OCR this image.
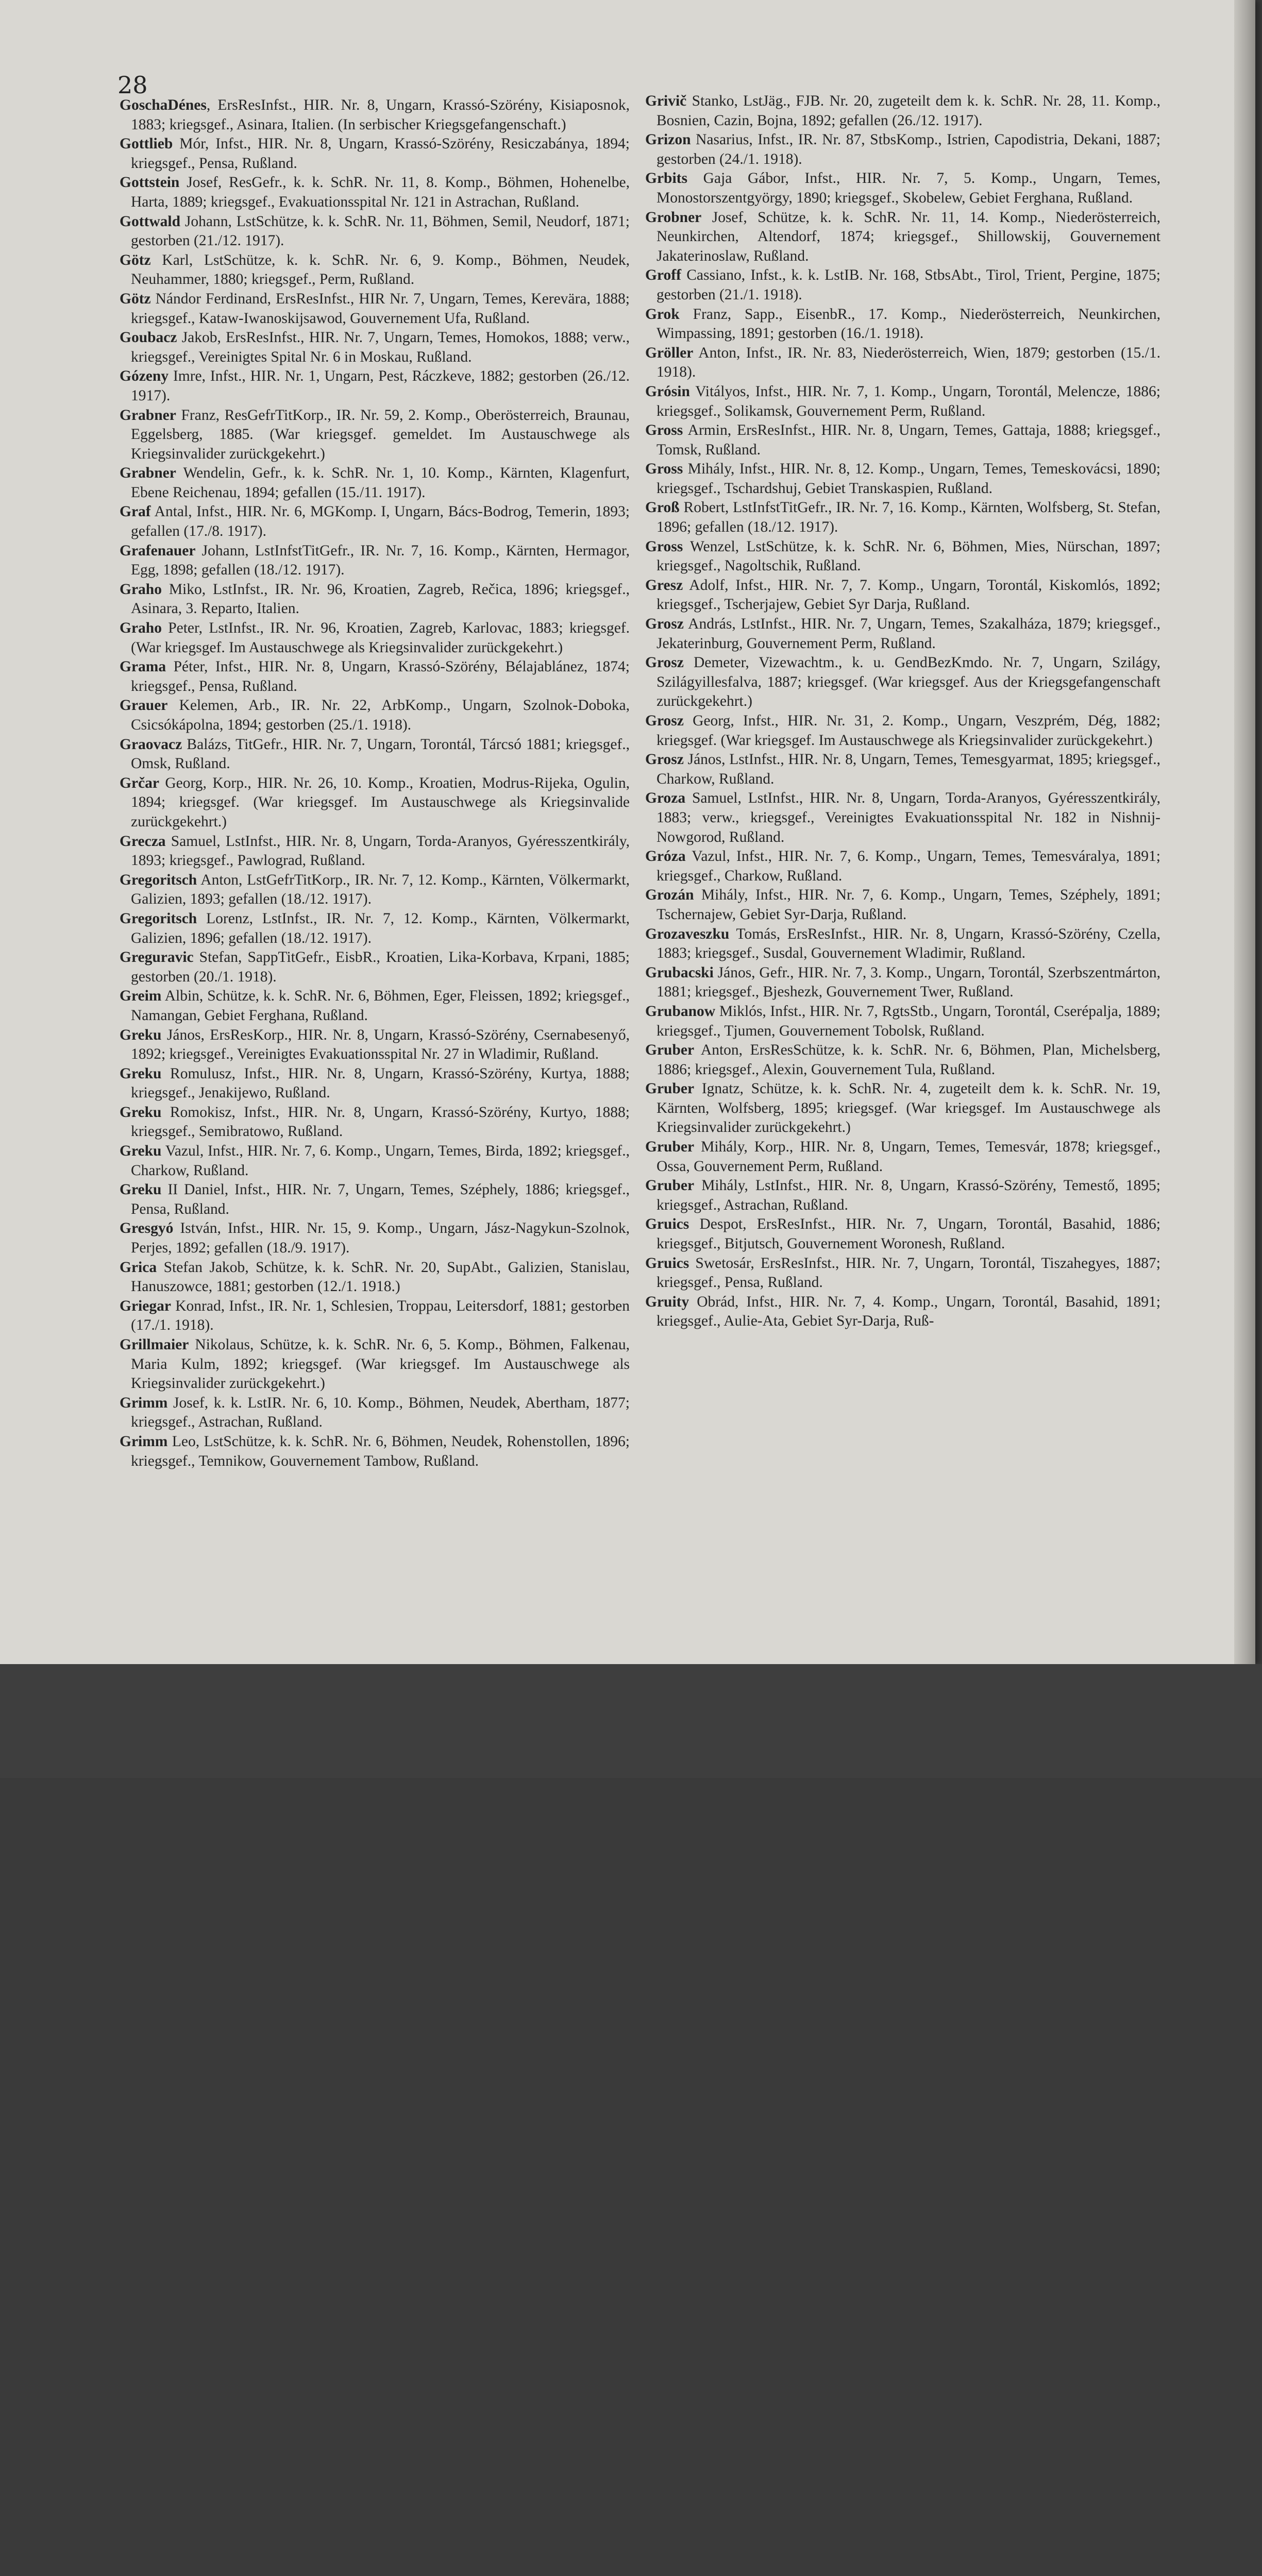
28

GoschaDénes, ErsResInfst., HIR. Nr. 8, Ungarn, Krassó-Szörény, Kisiaposnok, 1883; kriegsgef., Asinara, Italien. (In serbischer Kriegsgefangenschaft.)

Gottlieb Mór, Infst., HIR. Nr. 8, Ungarn, Krassó-Szörény, Resiczabánya, 1894; kriegsgef., Pensa, Rußland.

Gottstein Josef, ResGefr., k. k. SchR. Nr. 11, 8. Komp., Böhmen, Hohenelbe, Harta, 1889; kriegsgef., Evakuationsspital Nr. 121 in Astrachan, Rußland.

Gottwald Johann, LstSchütze, k. k. SchR. Nr. 11, Böhmen, Semil, Neudorf, 1871; gestorben (21./12. 1917).

Götz Karl, LstSchütze, k. k. SchR. Nr. 6, 9. Komp., Böhmen, Neudek, Neuhammer, 1880; kriegsgef., Perm, Rußland.

Götz Nándor Ferdinand, ErsResInfst., HIR Nr. 7, Ungarn, Temes, Kerevära, 1888; kriegsgef., Kataw-Iwanoskijsawod, Gouvernement Ufa, Rußland.

Goubacz Jakob, ErsResInfst., HIR. Nr. 7, Ungarn, Temes, Homokos, 1888; verw., kriegsgef., Vereinigtes Spital Nr. 6 in Moskau, Rußland.

Gózeny Imre, Infst., HIR. Nr. 1, Ungarn, Pest, Ráczkeve, 1882; gestorben (26./12. 1917).

Grabner Franz, ResGefrTitKorp., IR. Nr. 59, 2. Komp., Oberösterreich, Braunau, Eggelsberg, 1885. (War kriegsgef. gemeldet. Im Austauschwege als Kriegsinvalider zurückgekehrt.)

Grabner Wendelin, Gefr., k. k. SchR. Nr. 1, 10. Komp., Kärnten, Klagenfurt, Ebene Reichenau, 1894; gefallen (15./11. 1917).

Graf Antal, Infst., HIR. Nr. 6, MGKomp. I, Ungarn, Bács-Bodrog, Temerin, 1893; gefallen (17./8. 1917).

Grafenauer Johann, LstInfstTitGefr., IR. Nr. 7, 16. Komp., Kärnten, Hermagor, Egg, 1898; gefallen (18./12. 1917).

Graho Miko, LstInfst., IR. Nr. 96, Kroatien, Zagreb, Rečica, 1896; kriegsgef., Asinara, 3. Reparto, Italien.

Graho Peter, LstInfst., IR. Nr. 96, Kroatien, Zagreb, Karlovac, 1883; kriegsgef. (War kriegsgef. Im Austauschwege als Kriegsinvalider zurückgekehrt.)

Grama Péter, Infst., HIR. Nr. 8, Ungarn, Krassó-Szörény, Bélajablánez, 1874; kriegsgef., Pensa, Rußland.

Grauer Kelemen, Arb., IR. Nr. 22, ArbKomp., Ungarn, Szolnok-Doboka, Csicsókápolna, 1894; gestorben (25./1. 1918).

Graovacz Balázs, TitGefr., HIR. Nr. 7, Ungarn, Torontál, Tárcsó 1881; kriegsgef., Omsk, Rußland.

Grčar Georg, Korp., HIR. Nr. 26, 10. Komp., Kroatien, Modrus-Rijeka, Ogulin, 1894; kriegsgef. (War kriegsgef. Im Austauschwege als Kriegsinvalide zurückgekehrt.)

Grecza Samuel, LstInfst., HIR. Nr. 8, Ungarn, Torda-Aranyos, Gyéresszentkirály, 1893; kriegsgef., Pawlograd, Rußland.

Gregoritsch Anton, LstGefrTitKorp., IR. Nr. 7, 12. Komp., Kärnten, Völkermarkt, Galizien, 1893; gefallen (18./12. 1917).

Gregoritsch Lorenz, LstInfst., IR. Nr. 7, 12. Komp., Kärnten, Völkermarkt, Galizien, 1896; gefallen (18./12. 1917).

Greguravic Stefan, SappTitGefr., EisbR., Kroatien, Lika-Korbava, Krpani, 1885; gestorben (20./1. 1918).

Greim Albin, Schütze, k. k. SchR. Nr. 6, Böhmen, Eger, Fleissen, 1892; kriegsgef., Namangan, Gebiet Ferghana, Rußland.

Greku János, ErsResKorp., HIR. Nr. 8, Ungarn, Krassó-Szörény, Csernabesenyő, 1892; kriegsgef., Vereinigtes Evakuationsspital Nr. 27 in Wladimir, Rußland.

Greku Romulusz, Infst., HIR. Nr. 8, Ungarn, Krassó-Szörény, Kurtya, 1888; kriegsgef., Jenakijewo, Rußland.

Greku Romokisz, Infst., HIR. Nr. 8, Ungarn, Krassó-Szörény, Kurtyo, 1888; kriegsgef., Semibratowo, Rußland.

Greku Vazul, Infst., HIR. Nr. 7, 6. Komp., Ungarn, Temes, Birda, 1892; kriegsgef., Charkow, Rußland.

Greku II Daniel, Infst., HIR. Nr. 7, Ungarn, Temes, Széphely, 1886; kriegsgef., Pensa, Rußland.

Gresgyó István, Infst., HIR. Nr. 15, 9. Komp., Ungarn, Jász-Nagykun-Szolnok, Perjes, 1892; gefallen (18./9. 1917).

Grica Stefan Jakob, Schütze, k. k. SchR. Nr. 20, SupAbt., Galizien, Stanislau, Hanuszowce, 1881; gestorben (12./1. 1918.)

Griegar Konrad, Infst., IR. Nr. 1, Schlesien, Troppau, Leitersdorf, 1881; gestorben (17./1. 1918).

Grillmaier Nikolaus, Schütze, k. k. SchR. Nr. 6, 5. Komp., Böhmen, Falkenau, Maria Kulm, 1892; kriegsgef. (War kriegsgef. Im Austauschwege als Kriegsinvalider zurückgekehrt.)

Grimm Josef, k. k. LstIR. Nr. 6, 10. Komp., Böhmen, Neudek, Abertham, 1877; kriegsgef., Astrachan, Rußland.

Grimm Leo, LstSchütze, k. k. SchR. Nr. 6, Böhmen, Neudek, Rohenstollen, 1896; kriegsgef., Temnikow, Gouvernement Tambow, Rußland.

Grivič Stanko, LstJäg., FJB. Nr. 20, zugeteilt dem k. k. SchR. Nr. 28, 11. Komp., Bosnien, Cazin, Bojna, 1892; gefallen (26./12. 1917).

Grizon Nasarius, Infst., IR. Nr. 87, StbsKomp., Istrien, Capodistria, Dekani, 1887; gestorben (24./1. 1918).

Grbits Gaja Gábor, Infst., HIR. Nr. 7, 5. Komp., Ungarn, Temes, Monostorszentgyörgy, 1890; kriegsgef., Skobelew, Gebiet Ferghana, Rußland.

Grobner Josef, Schütze, k. k. SchR. Nr. 11, 14. Komp., Niederösterreich, Neunkirchen, Altendorf, 1874; kriegsgef., Shillowskij, Gouvernement Jakaterinoslaw, Rußland.

Groff Cassiano, Infst., k. k. LstIB. Nr. 168, StbsAbt., Tirol, Trient, Pergine, 1875; gestorben (21./1. 1918).

Grok Franz, Sapp., EisenbR., 17. Komp., Niederösterreich, Neunkirchen, Wimpassing, 1891; gestorben (16./1. 1918).

Gröller Anton, Infst., IR. Nr. 83, Niederösterreich, Wien, 1879; gestorben (15./1. 1918).

Grósin Vitályos, Infst., HIR. Nr. 7, 1. Komp., Ungarn, Torontál, Melencze, 1886; kriegsgef., Solikamsk, Gouvernement Perm, Rußland.

Gross Armin, ErsResInfst., HIR. Nr. 8, Ungarn, Temes, Gattaja, 1888; kriegsgef., Tomsk, Rußland.

Gross Mihály, Infst., HIR. Nr. 8, 12. Komp., Ungarn, Temes, Temeskovácsi, 1890; kriegsgef., Tschardshuj, Gebiet Transkaspien, Rußland.

Groß Robert, LstInfstTitGefr., IR. Nr. 7, 16. Komp., Kärnten, Wolfsberg, St. Stefan, 1896; gefallen (18./12. 1917).

Gross Wenzel, LstSchütze, k. k. SchR. Nr. 6, Böhmen, Mies, Nürschan, 1897; kriegsgef., Nagoltschik, Rußland.

Gresz Adolf, Infst., HIR. Nr. 7, 7. Komp., Ungarn, Torontál, Kiskomlós, 1892; kriegsgef., Tscherjajew, Gebiet Syr Darja, Rußland.

Grosz András, LstInfst., HIR. Nr. 7, Ungarn, Temes, Szakalháza, 1879; kriegsgef., Jekaterinburg, Gouvernement Perm, Rußland.

Grosz Demeter, Vizewachtm., k. u. GendBezKmdo. Nr. 7, Ungarn, Szilágy, Szilágyillesfalva, 1887; kriegsgef. (War kriegsgef. Aus der Kriegsgefangenschaft zurückgekehrt.)

Grosz Georg, Infst., HIR. Nr. 31, 2. Komp., Ungarn, Veszprém, Dég, 1882; kriegsgef. (War kriegsgef. Im Austauschwege als Kriegsinvalider zurückgekehrt.)

Grosz János, LstInfst., HIR. Nr. 8, Ungarn, Temes, Temesgyarmat, 1895; kriegsgef., Charkow, Rußland.

Groza Samuel, LstInfst., HIR. Nr. 8, Ungarn, Torda-Aranyos, Gyéresszentkirály, 1883; verw., kriegsgef., Vereinigtes Evakuationsspital Nr. 182 in Nishnij-Nowgorod, Rußland.

Gróza Vazul, Infst., HIR. Nr. 7, 6. Komp., Ungarn, Temes, Temesváralya, 1891; kriegsgef., Charkow, Rußland.

Grozán Mihály, Infst., HIR. Nr. 7, 6. Komp., Ungarn, Temes, Széphely, 1891; Tschernajew, Gebiet Syr-Darja, Rußland.

Grozaveszku Tomás, ErsResInfst., HIR. Nr. 8, Ungarn, Krassó-Szörény, Czella, 1883; kriegsgef., Susdal, Gouvernement Wladimir, Rußland.

Grubacski János, Gefr., HIR. Nr. 7, 3. Komp., Ungarn, Torontál, Szerbszentmárton, 1881; kriegsgef., Bjeshezk, Gouvernement Twer, Rußland.

Grubanow Miklós, Infst., HIR. Nr. 7, RgtsStb., Ungarn, Torontál, Cserépalja, 1889; kriegsgef., Tjumen, Gouvernement Tobolsk, Rußland.

Gruber Anton, ErsResSchütze, k. k. SchR. Nr. 6, Böhmen, Plan, Michelsberg, 1886; kriegsgef., Alexin, Gouvernement Tula, Rußland.

Gruber Ignatz, Schütze, k. k. SchR. Nr. 4, zugeteilt dem k. k. SchR. Nr. 19, Kärnten, Wolfsberg, 1895; kriegsgef. (War kriegsgef. Im Austauschwege als Kriegsinvalider zurückgekehrt.)

Gruber Mihály, Korp., HIR. Nr. 8, Ungarn, Temes, Temesvár, 1878; kriegsgef., Ossa, Gouvernement Perm, Rußland.

Gruber Mihály, LstInfst., HIR. Nr. 8, Ungarn, Krassó-Szörény, Temestő, 1895; kriegsgef., Astrachan, Rußland.

Gruics Despot, ErsResInfst., HIR. Nr. 7, Ungarn, Torontál, Basahid, 1886; kriegsgef., Bitjutsch, Gouvernement Woronesh, Rußland.

Gruics Swetosár, ErsResInfst., HIR. Nr. 7, Ungarn, Torontál, Tiszahegyes, 1887; kriegsgef., Pensa, Rußland.

Gruity Obrád, Infst., HIR. Nr. 7, 4. Komp., Ungarn, Torontál, Basahid, 1891; kriegsgef., Aulie-Ata, Gebiet Syr-Darja, Ruß-
